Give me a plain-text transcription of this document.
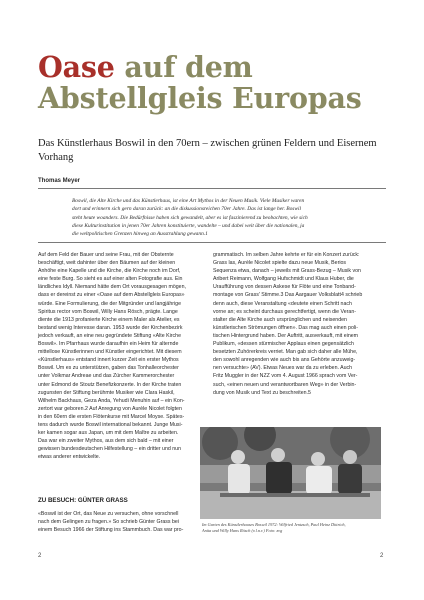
Oase auf dem
Abstellgleis Europas

Das Künstlerhaus Boswil in den 70ern – zwischen grünen Feldern und Eisernem Vorhang

Thomas Meyer

Boswil, die Alte Kirche und das Künstlerhaus, ist eine Art Mythos in der Neuen Musik. Viele Musiker waren
dort und erinnern sich gern daran zurück: an die diskussionsreichen 70er Jahre. Das ist lange her. Boswil
steht heute woanders. Die Bedürfnisse haben sich gewandelt, aber es ist faszinierend zu beobachten, wie sich
diese Kulturinstitution in jenen 70er Jahren konstituierte, wandelte – und dabei weit über die nationalen, ja
die weltpolitischen Grenzen hinweg an Ausstrahlung gewann.1

Auf dem Feld der Bauer und seine Frau, mit der Obsternte
beschäftigt, weit dahinter über den Bäumen auf der kleinen
Anhöhe eine Kapelle und die Kirche, die Kirche noch im Dorf,
eine feste Burg. So sieht es auf einer alten Fotografie aus. Ein
ländliches Idyll. Niemand hätte dem Ort vorausgesagen mögen,
dass er dereinst zu einer «Oase auf dem Abstellgleis Europas»
würde. Eine Formulierung, die der Mitgründer und langjährige
Spiritus rector vom Boswil, Willy Hans Rösch, prägte. Lange
diente die 1913 profanierte Kirche einem Maler als Atelier, es
bestand wenig Interesse daran. 1953 wurde der Kirchenbezirk
jedoch verkauft, an eine neu gegründete Stiftung «Alte Kirche
Boswil». Im Pfarrhaus wurde daraufhin ein Heim für alternde
mittellose Künstlerinnen und Künstler eingerichtet. Mit diesem
«Künstlerhaus» entstand innert kurzer Zeit ein erster Mythos
Boswil. Um es zu unterstützen, gaben das Tonhalleorchester
unter Volkmar Andreae und das Zürcher Kammerorchester
unter Edmond de Stoutz Benefizkonzerte. In der Kirche traten
zugunsten der Stiftung berühmte Musiker wie Clara Haskil,
Wilhelm Backhaus, Geza Anda, Yehudi Menuhin auf – ein Kon-
zertort war geboren.2 Auf Anregung von Aurèle Nicolet folgten
in den 60ern die ersten Flötenkurse mit Marcel Moyse. Spätes-
tens dadurch wurde Boswil international bekannt. Junge Musi-
ker kamen sogar aus Japan, um mit dem Maître zu arbeiten.
Das war ein zweiter Mythos, aus dem sich bald – mit einer
gewissen bundesdeutschen Hilfestellung – ein dritter und nun
etwas anderer entwickelte.

ZU BESUCH: GÜNTER GRASS

«Boswil ist der Ort, das Neue zu versuchen, ohne vorschnell
nach dem Gelingen zu fragen.» So schrieb Günter Grass bei
einem Besuch 1966 der Stiftung ins Stammbuch. Das war pro-

grammatisch. Im selben Jahre kehrte er für ein Konzert zurück:
Grass las, Aurèle Nicolet spielte dazu neue Musik, Berios
Sequenza etwa, danach – jeweils mit Grass-Bezug – Musik von
Aribert Reimann, Wolfgang Hufschmidt und Klaus Huber, die
Uraufführung von dessen Askese für Flöte und eine Tonband-
montage von Grass' Stimme.3 Das Aargauer Volksblatt4 schrieb
denn auch, diese Veranstaltung «deutete einen Schritt nach
vorne an; es scheint durchaus gerechtfertigt, wenn die Veran-
stalter die Alte Kirche auch ursprünglichen und neisenden
künstlerischen Strömungen öffnen». Das mag auch einen poli-
tischen Hintergrund haben. Der Auftritt, ausverkauft, mit einem
Publikum, «dessen stürmischer Applaus einen gegensätzlich
besetzten Zuhörerkreis verriet. Man gab sich daher alle Mühe,
den sowohl anregenden wie auch bis ans Gehörte anzuweig-
nen versuchte» (AV). Etwas Neues war da zu erleben. Auch
Fritz Muggler in der NZZ vom 4. August 1966 sprach vom Ver-
such, «einen neuen und verantwortbaren Weg» in der Verbin-
dung von Musik und Text zu beschreiten.5

Im Garten des Künstlerhauses Boswil 1972: Wilfried Jentzsch, Paul Heinz Dittrich,
Anita und Willy Hans Rösch (v.l.n.r.) Foto: zvg

2	2
